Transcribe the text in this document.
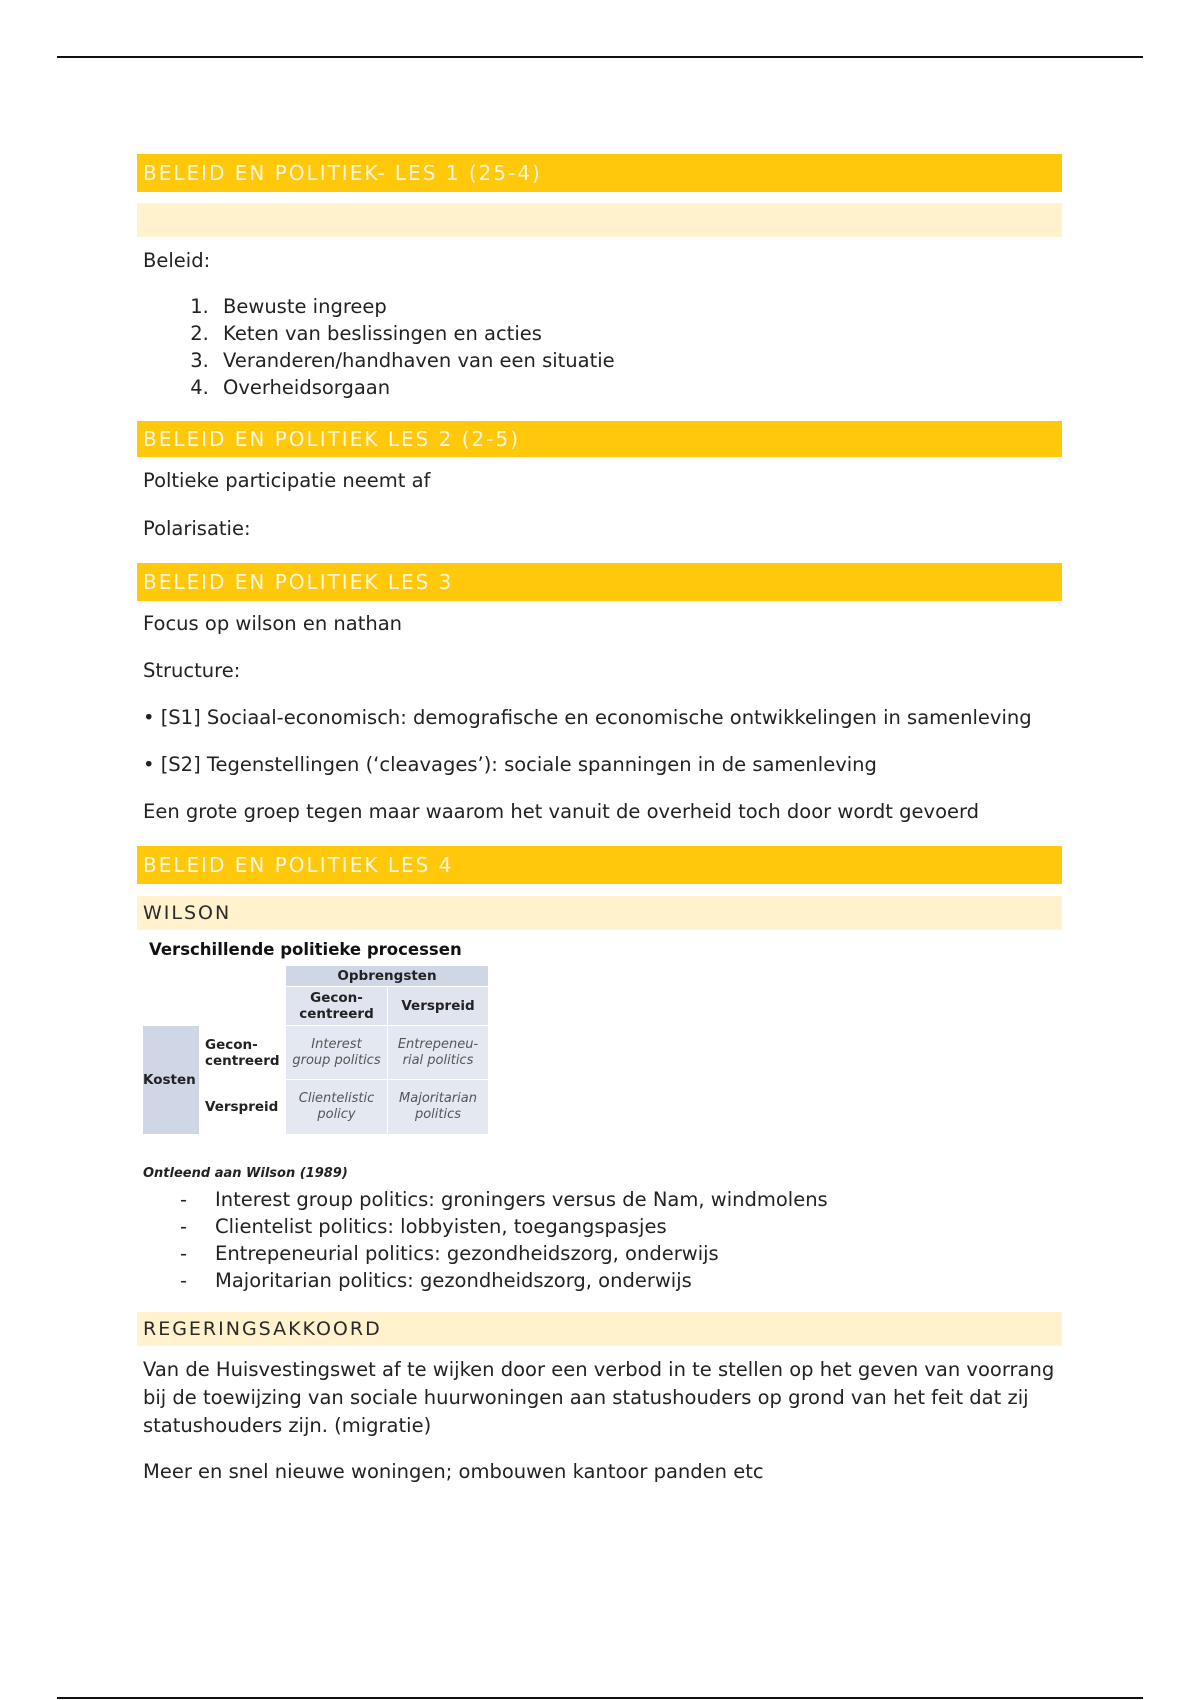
BELEID EN POLITIEK- LES 1 (25-4)
Beleid:
1. Bewuste ingreep
2. Keten van beslissingen en acties
3. Veranderen/handhaven van een situatie
4. Overheidsorgaan
BELEID EN POLITIEK LES 2 (2-5)
Poltieke participatie neemt af
Polarisatie:
BELEID EN POLITIEK LES 3
Focus op wilson en nathan
Structure:
• [S1] Sociaal-economisch: demografische en economische ontwikkelingen in samenleving
• [S2] Tegenstellingen (‘cleavages’): sociale spanningen in de samenleving
Een grote groep tegen maar waarom het vanuit de overheid toch door wordt gevoerd
BELEID EN POLITIEK LES 4
WILSON
Verschillende politieke processen
Opbrengsten
Gecon-
centreerd	Verspreid
Kosten
Gecon-
centreerd
Verspreid
Interest
group politics
Entrepeneu-
rial politics
Clientelistic
policy
Majoritarian
politics
Ontleend aan Wilson (1989)
- Interest group politics: groningers versus de Nam, windmolens
- Clientelist politics: lobbyisten, toegangspasjes
- Entrepeneurial politics: gezondheidszorg, onderwijs
- Majoritarian politics: gezondheidszorg, onderwijs
REGERINGSAKKOORD
Van de Huisvestingswet af te wijken door een verbod in te stellen op het geven van voorrang bij de toewijzing van sociale huurwoningen aan statushouders op grond van het feit dat zij statushouders zijn. (migratie)
Meer en snel nieuwe woningen; ombouwen kantoor panden etc
